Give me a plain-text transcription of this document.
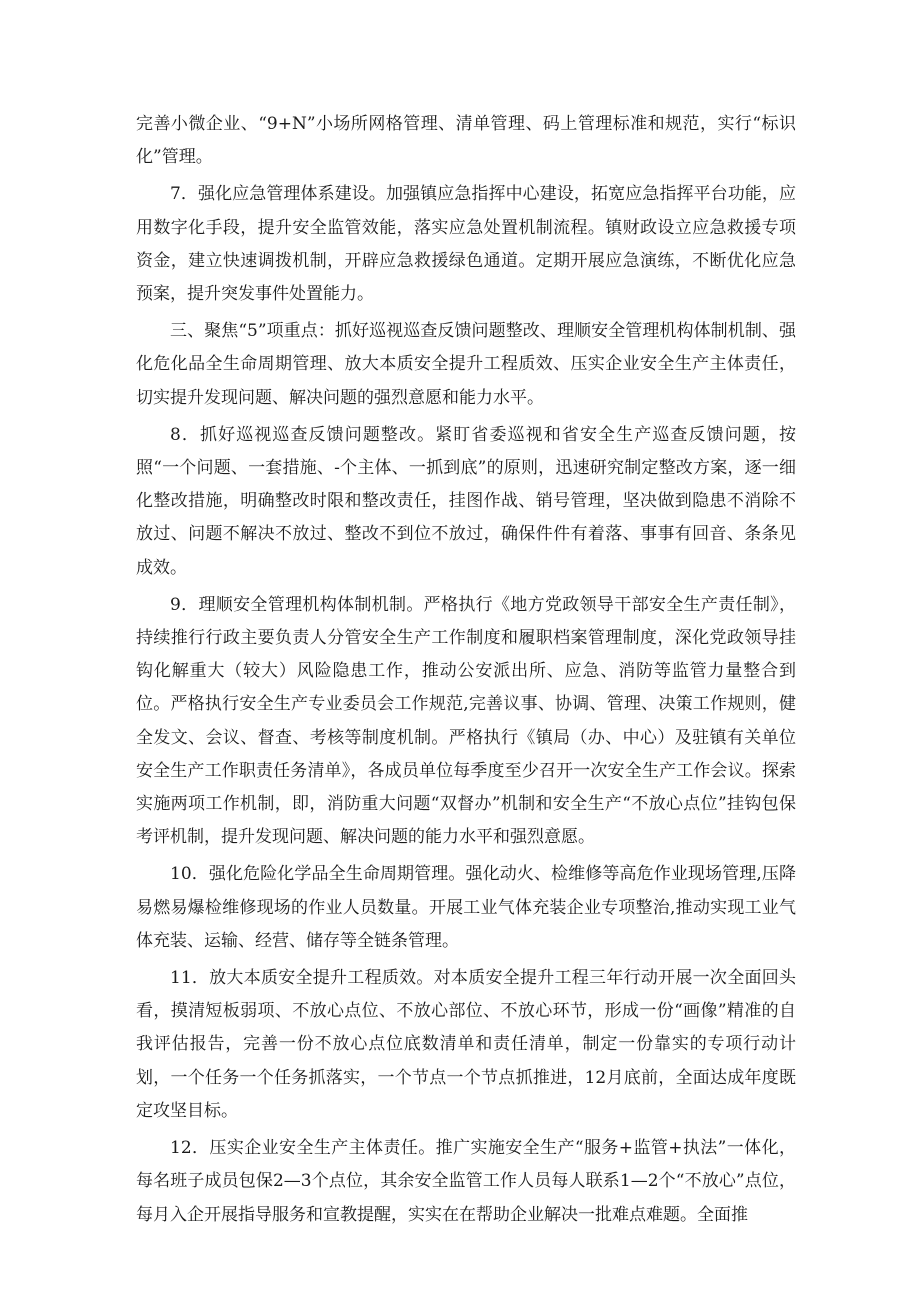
完善小微企业、“9+N”小场所网格管理、清单管理、码上管理标准和规范，实行“标识化”管理。

7．强化应急管理体系建设。加强镇应急指挥中心建设，拓宽应急指挥平台功能，应用数字化手段，提升安全监管效能，落实应急处置机制流程。镇财政设立应急救援专项资金，建立快速调拨机制，开辟应急救援绿色通道。定期开展应急演练，不断优化应急预案，提升突发事件处置能力。

三、聚焦“5”项重点：抓好巡视巡查反馈问题整改、理顺安全管理机构体制机制、强化危化品全生命周期管理、放大本质安全提升工程质效、压实企业安全生产主体责任，切实提升发现问题、解决问题的强烈意愿和能力水平。

8．抓好巡视巡查反馈问题整改。紧盯省委巡视和省安全生产巡查反馈问题，按照“一个问题、一套措施、-个主体、一抓到底”的原则，迅速研究制定整改方案，逐一细化整改措施，明确整改时限和整改责任，挂图作战、销号管理，坚决做到隐患不消除不放过、问题不解决不放过、整改不到位不放过，确保件件有着落、事事有回音、条条见成效。

9．理顺安全管理机构体制机制。严格执行《地方党政领导干部安全生产责任制》，持续推行行政主要负责人分管安全生产工作制度和履职档案管理制度，深化党政领导挂钩化解重大（较大）风险隐患工作，推动公安派出所、应急、消防等监管力量整合到位。严格执行安全生产专业委员会工作规范,完善议事、协调、管理、决策工作规则，健全发文、会议、督查、考核等制度机制。严格执行《镇局（办、中心）及驻镇有关单位安全生产工作职责任务清单》，各成员单位每季度至少召开一次安全生产工作会议。探索实施两项工作机制，即，消防重大问题“双督办”机制和安全生产“不放心点位”挂钩包保考评机制，提升发现问题、解决问题的能力水平和强烈意愿。

10．强化危险化学品全生命周期管理。强化动火、检维修等高危作业现场管理,压降易燃易爆检维修现场的作业人员数量。开展工业气体充装企业专项整治,推动实现工业气体充装、运输、经营、储存等全链条管理。

11．放大本质安全提升工程质效。对本质安全提升工程三年行动开展一次全面回头看，摸清短板弱项、不放心点位、不放心部位、不放心环节，形成一份“画像”精准的自我评估报告，完善一份不放心点位底数清单和责任清单，制定一份靠实的专项行动计划，一个任务一个任务抓落实，一个节点一个节点抓推进，12月底前，全面达成年度既定攻坚目标。

12．压实企业安全生产主体责任。推广实施安全生产“服务+监管+执法”一体化，每名班子成员包保2—3个点位，其余安全监管工作人员每人联系1—2个“不放心”点位，每月入企开展指导服务和宣教提醒，实实在在帮助企业解决一批难点难题。全面推
